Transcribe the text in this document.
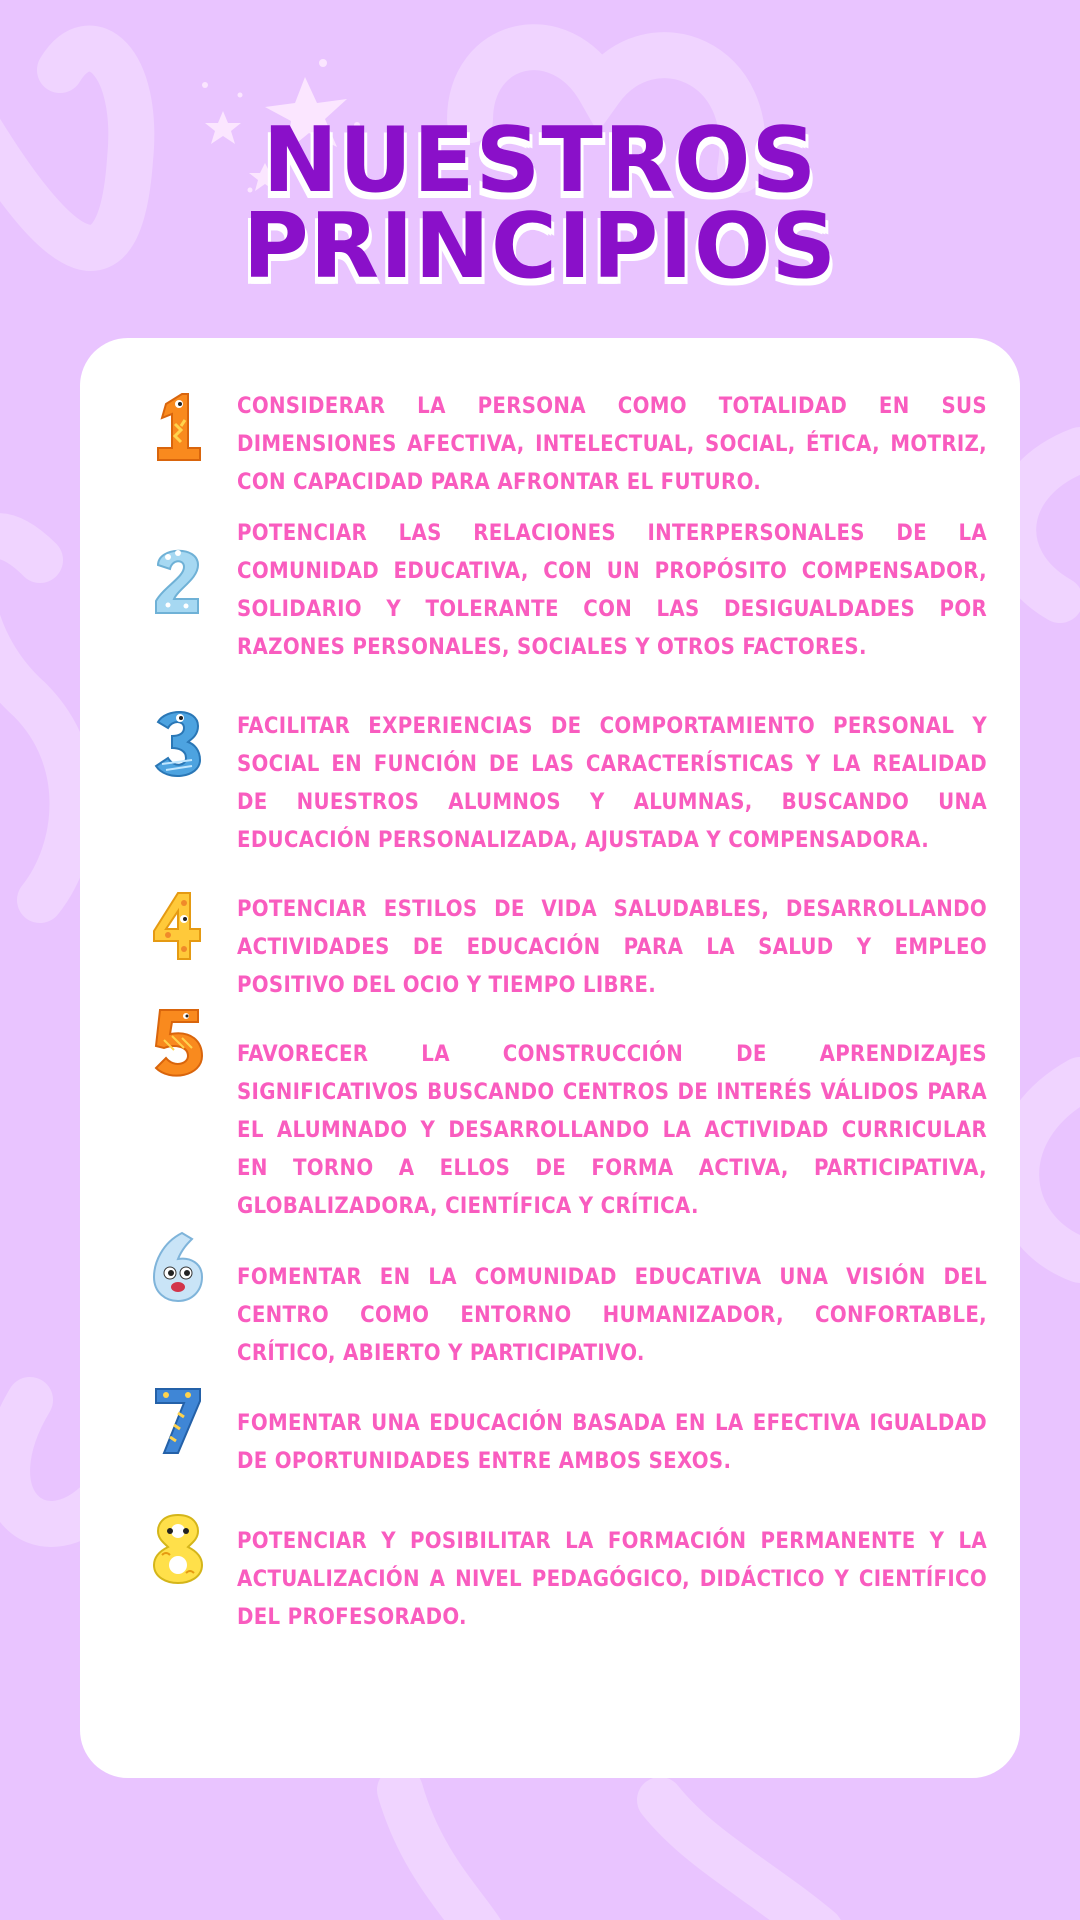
NUESTROS
PRINCIPIOS
CONSIDERAR LA PERSONA COMO TOTALIDAD EN SUS DIMENSIONES AFECTIVA, INTELECTUAL, SOCIAL, ÉTICA, MOTRIZ, CON CAPACIDAD PARA AFRONTAR EL FUTURO.
POTENCIAR LAS RELACIONES INTERPERSONALES DE LA COMUNIDAD EDUCATIVA, CON UN PROPÓSITO COMPENSADOR, SOLIDARIO Y TOLERANTE CON LAS DESIGUALDADES POR RAZONES PERSONALES, SOCIALES Y OTROS FACTORES.
FACILITAR EXPERIENCIAS DE COMPORTAMIENTO PERSONAL Y SOCIAL EN FUNCIÓN DE LAS CARACTERÍSTICAS Y LA REALIDAD DE NUESTROS ALUMNOS Y ALUMNAS, BUSCANDO UNA EDUCACIÓN PERSONALIZADA, AJUSTADA Y COMPENSADORA.
POTENCIAR ESTILOS DE VIDA SALUDABLES, DESARROLLANDO ACTIVIDADES DE EDUCACIÓN PARA LA SALUD Y EMPLEO POSITIVO DEL OCIO Y TIEMPO LIBRE.
FAVORECER LA CONSTRUCCIÓN DE APRENDIZAJES SIGNIFICATIVOS BUSCANDO CENTROS DE INTERÉS VÁLIDOS PARA EL ALUMNADO Y DESARROLLANDO LA ACTIVIDAD CURRICULAR EN TORNO A ELLOS DE FORMA ACTIVA, PARTICIPATIVA, GLOBALIZADORA, CIENTÍFICA Y CRÍTICA.
FOMENTAR EN LA COMUNIDAD EDUCATIVA UNA VISIÓN DEL CENTRO COMO ENTORNO HUMANIZADOR, CONFORTABLE, CRÍTICO, ABIERTO Y PARTICIPATIVO.
FOMENTAR UNA EDUCACIÓN BASADA EN LA EFECTIVA IGUALDAD DE OPORTUNIDADES ENTRE AMBOS SEXOS.
POTENCIAR Y POSIBILITAR LA FORMACIÓN PERMANENTE Y LA ACTUALIZACIÓN A NIVEL PEDAGÓGICO, DIDÁCTICO Y CIENTÍFICO DEL PROFESORADO.
